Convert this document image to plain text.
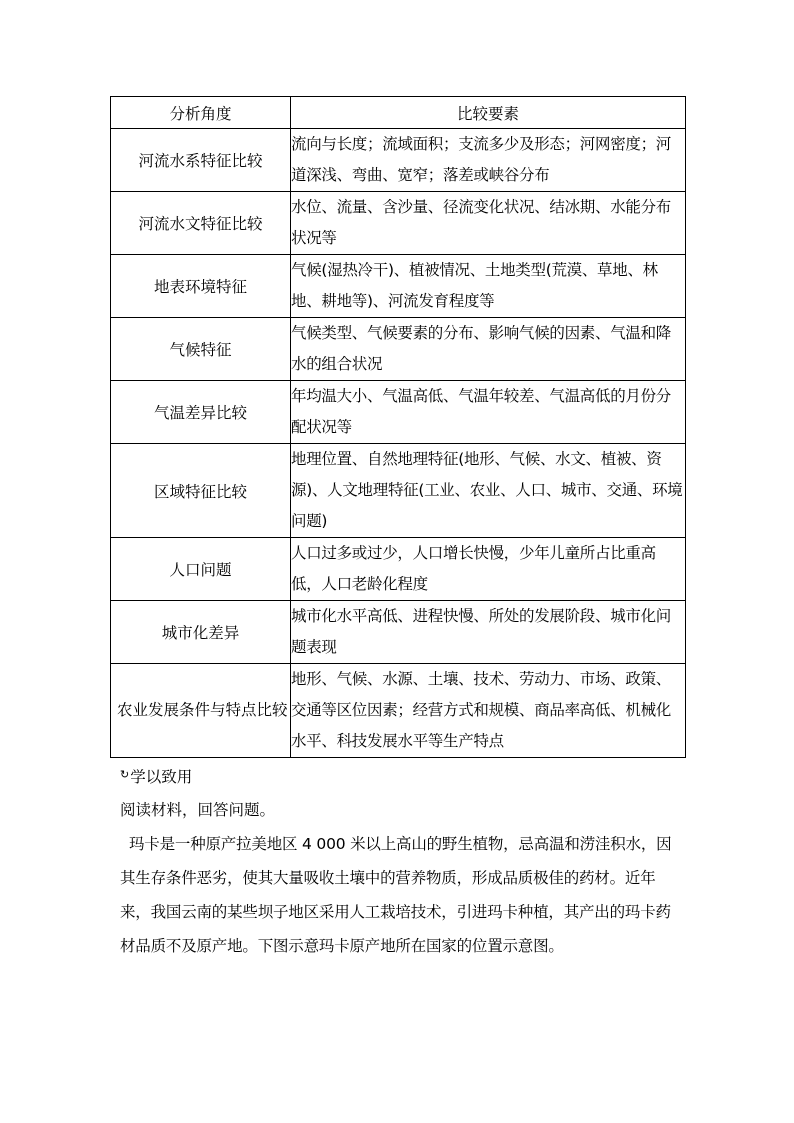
分析角度	比较要素
河流水系特征比较	流向与长度；流域面积；支流多少及形态；河网密度；河道深浅、弯曲、宽窄；落差或峡谷分布
河流水文特征比较	水位、流量、含沙量、径流变化状况、结冰期、水能分布状况等
地表环境特征	气候(湿热冷干)、植被情况、土地类型(荒漠、草地、林地、耕地等)、河流发育程度等
气候特征	气候类型、气候要素的分布、影响气候的因素、气温和降水的组合状况
气温差异比较	年均温大小、气温高低、气温年较差、气温高低的月份分配状况等
区域特征比较	地理位置、自然地理特征(地形、气候、水文、植被、资源)、人文地理特征(工业、农业、人口、城市、交通、环境问题)
人口问题	人口过多或过少，人口增长快慢，少年儿童所占比重高低，人口老龄化程度
城市化差异	城市化水平高低、进程快慢、所处的发展阶段、城市化问题表现
农业发展条件与特点比较	地形、气候、水源、土壤、技术、劳动力、市场、政策、交通等区位因素；经营方式和规模、商品率高低、机械化水平、科技发展水平等生产特点
↻学以致用
阅读材料，回答问题。
玛卡是一种原产拉美地区 4 000 米以上高山的野生植物，忌高温和涝洼积水，因其生存条件恶劣，使其大量吸收土壤中的营养物质，形成品质极佳的药材。近年来，我国云南的某些坝子地区采用人工栽培技术，引进玛卡种植，其产出的玛卡药材品质不及原产地。下图示意玛卡原产地所在国家的位置示意图。
